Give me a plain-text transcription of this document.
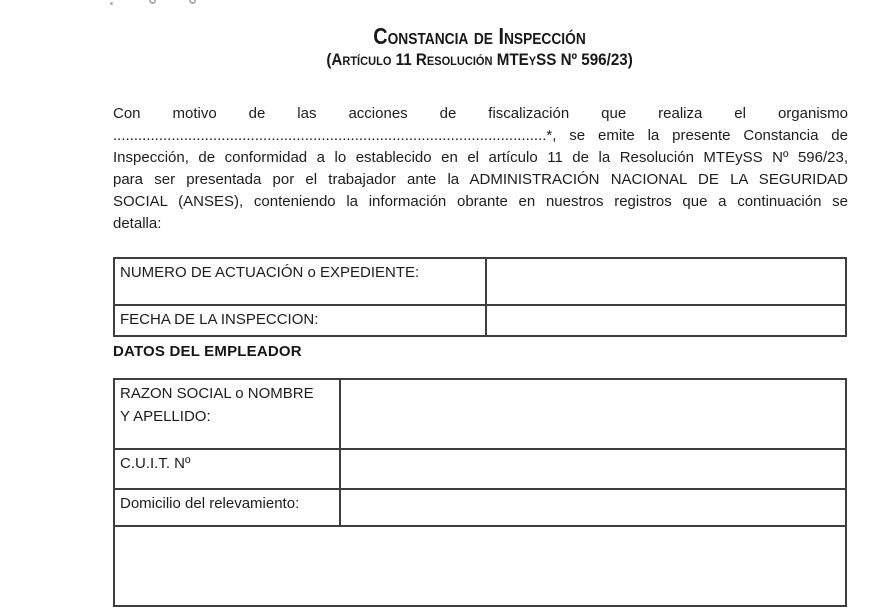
Constancia de Inspección
(Artículo 11 Resolución MTEySS Nº 596/23)
Con motivo de las acciones de fiscalización que realiza el organismo
........................................................................................................*, se emite la presente Constancia de
Inspección, de conformidad a lo establecido en el artículo 11 de la Resolución MTEySS Nº 596/23,
para ser presentada por el trabajador ante la ADMINISTRACIÓN NACIONAL DE LA SEGURIDAD
SOCIAL (ANSES), conteniendo la información obrante en nuestros registros que a continuación se
detalla:
NUMERO DE ACTUACIÓN o EXPEDIENTE:
FECHA DE LA INSPECCION:
DATOS DEL EMPLEADOR
RAZON SOCIAL o NOMBRE
Y APELLIDO:
C.U.I.T. Nº
Domicilio del relevamiento:
